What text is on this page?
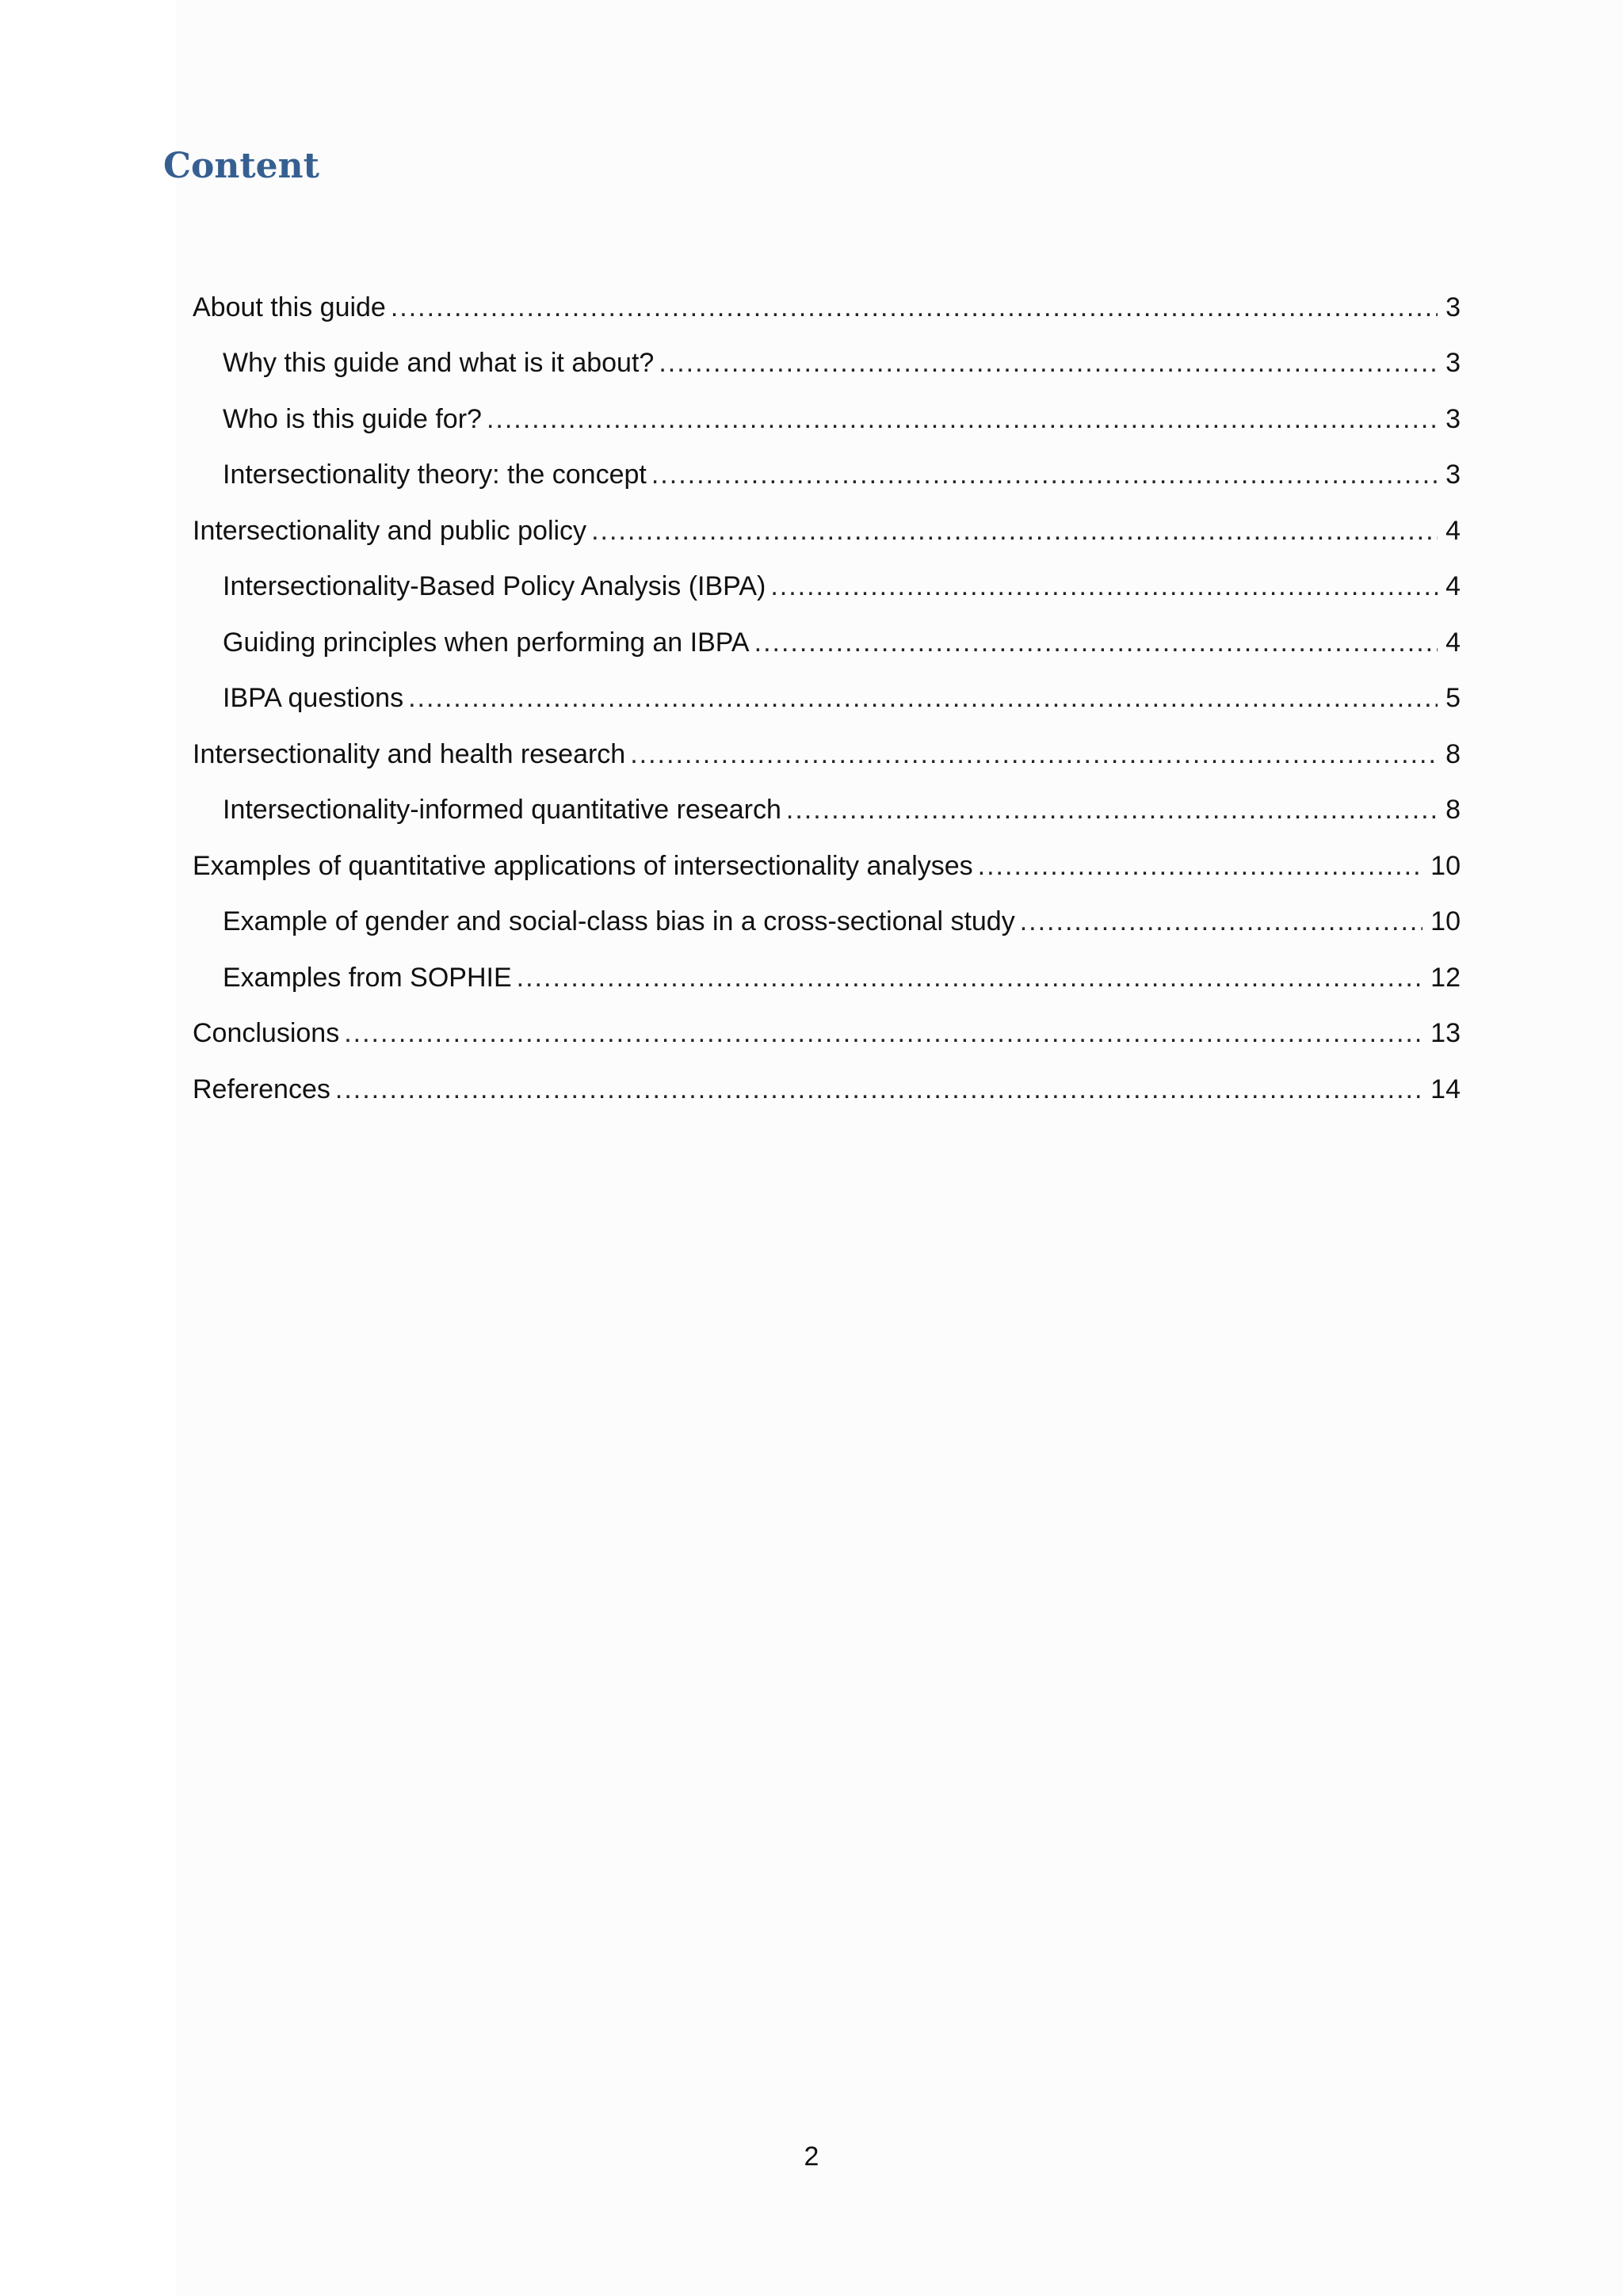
Content
About this guide .....	3
Why this guide and what is it about? .....	3
Who is this guide for? .....	3
Intersectionality theory: the concept .....	3
Intersectionality and public policy .....	4
Intersectionality-Based Policy Analysis (IBPA) .....	4
Guiding principles when performing an IBPA .....	4
IBPA questions .....	5
Intersectionality and health research .....	8
Intersectionality-informed quantitative research .....	8
Examples of quantitative applications of intersectionality analyses .....	10
Example of gender and social-class bias in a cross-sectional study .....	10
Examples from SOPHIE .....	12
Conclusions .....	13
References .....	14
2
